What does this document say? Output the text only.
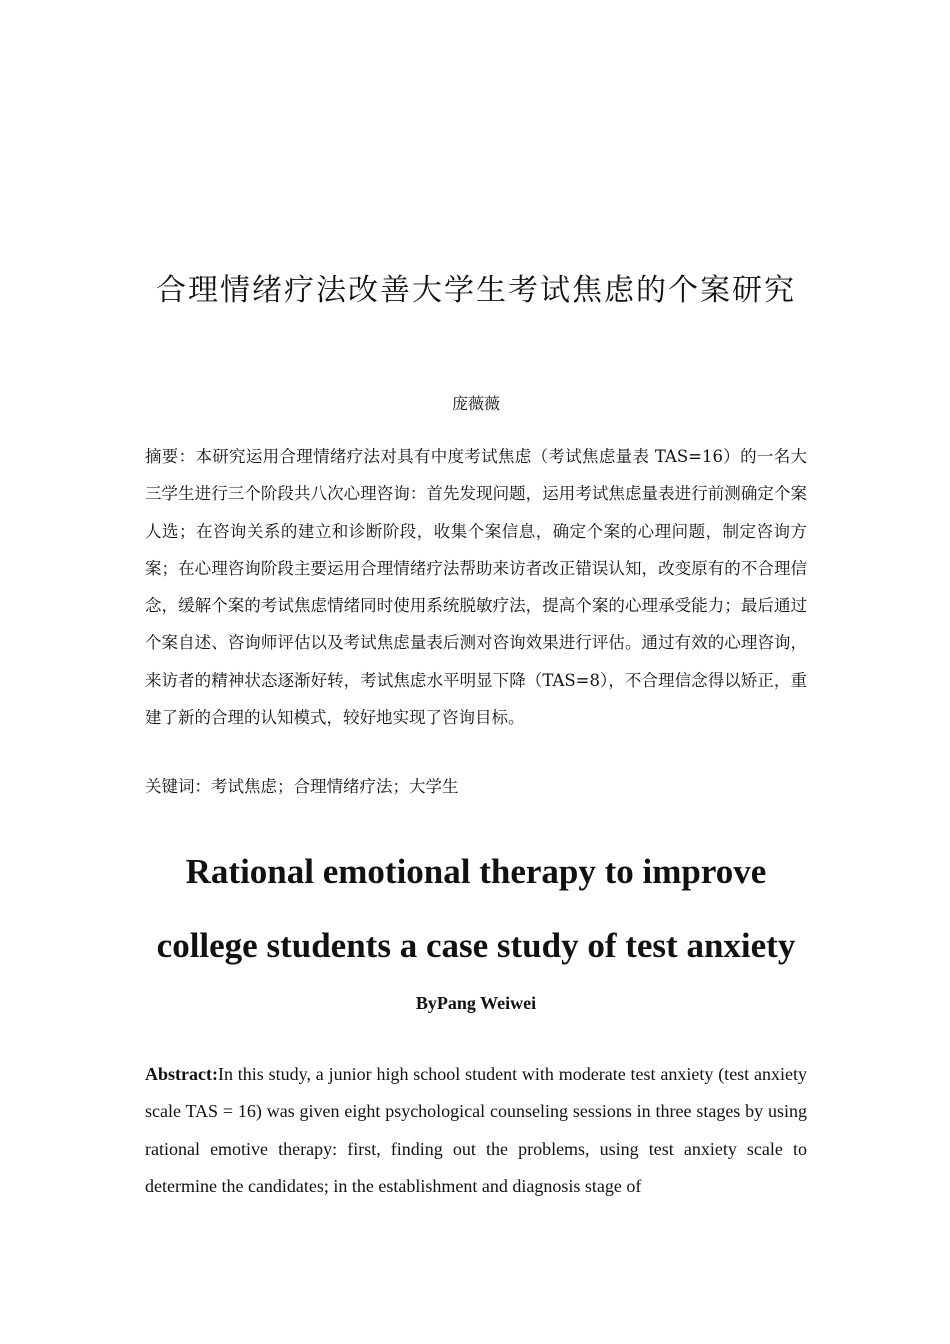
合理情绪疗法改善大学生考试焦虑的个案研究
庞薇薇

摘要：本研究运用合理情绪疗法对具有中度考试焦虑（考试焦虑量表 TAS=16）的一名大三学生进行三个阶段共八次心理咨询：首先发现问题，运用考试焦虑量表进行前测确定个案人选；在咨询关系的建立和诊断阶段，收集个案信息，确定个案的心理问题，制定咨询方案；在心理咨询阶段主要运用合理情绪疗法帮助来访者改正错误认知，改变原有的不合理信念，缓解个案的考试焦虑情绪同时使用系统脱敏疗法，提高个案的心理承受能力；最后通过个案自述、咨询师评估以及考试焦虑量表后测对咨询效果进行评估。通过有效的心理咨询，来访者的精神状态逐渐好转，考试焦虑水平明显下降（TAS=8），不合理信念得以矫正，重建了新的合理的认知模式，较好地实现了咨询目标。

关键词：考试焦虑；合理情绪疗法；大学生

Rational emotional therapy to improve college students a case study of test anxiety
ByPang Weiwei

Abstract:In this study, a junior high school student with moderate test anxiety (test anxiety scale TAS = 16) was given eight psychological counseling sessions in three stages by using rational emotive therapy: first, finding out the problems, using test anxiety scale to determine the candidates; in the establishment and diagnosis stage of
